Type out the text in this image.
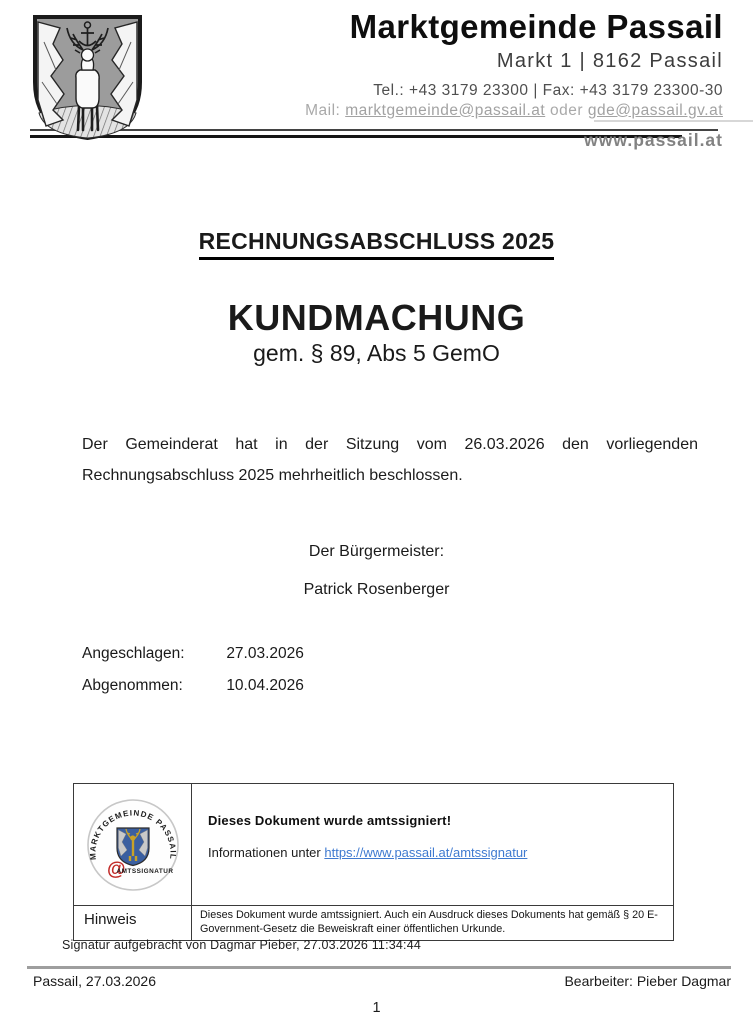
Marktgemeinde Passail
Markt 1 | 8162 Passail
Tel.: +43 3179 23300 | Fax: +43 3179 23300-30
Mail: marktgemeinde@passail.at oder gde@passail.gv.at
www.passail.at
RECHNUNGSABSCHLUSS 2025
KUNDMACHUNG
gem. § 89, Abs 5 GemO

Der Gemeinderat hat in der Sitzung vom 26.03.2026 den vorliegenden Rechnungsabschluss 2025 mehrheitlich beschlossen.

Der Bürgermeister:
Patrick Rosenberger
Angeschlagen:	27.03.2026
Abgenommen:	10.04.2026
MARKTGEMEINDE PASSAIL
@
AMTSSIGNATUR
Dieses Dokument wurde amtssigniert!
Informationen unter https://www.passail.at/amtssignatur
Hinweis	Dieses Dokument wurde amtssigniert. Auch ein Ausdruck dieses Dokuments hat gemäß § 20 E-Government-Gesetz die Beweiskraft einer öffentlichen Urkunde.
Signatur aufgebracht von Dagmar Pieber, 27.03.2026 11:34:44
Passail, 27.03.2026	Bearbeiter: Pieber Dagmar
1
